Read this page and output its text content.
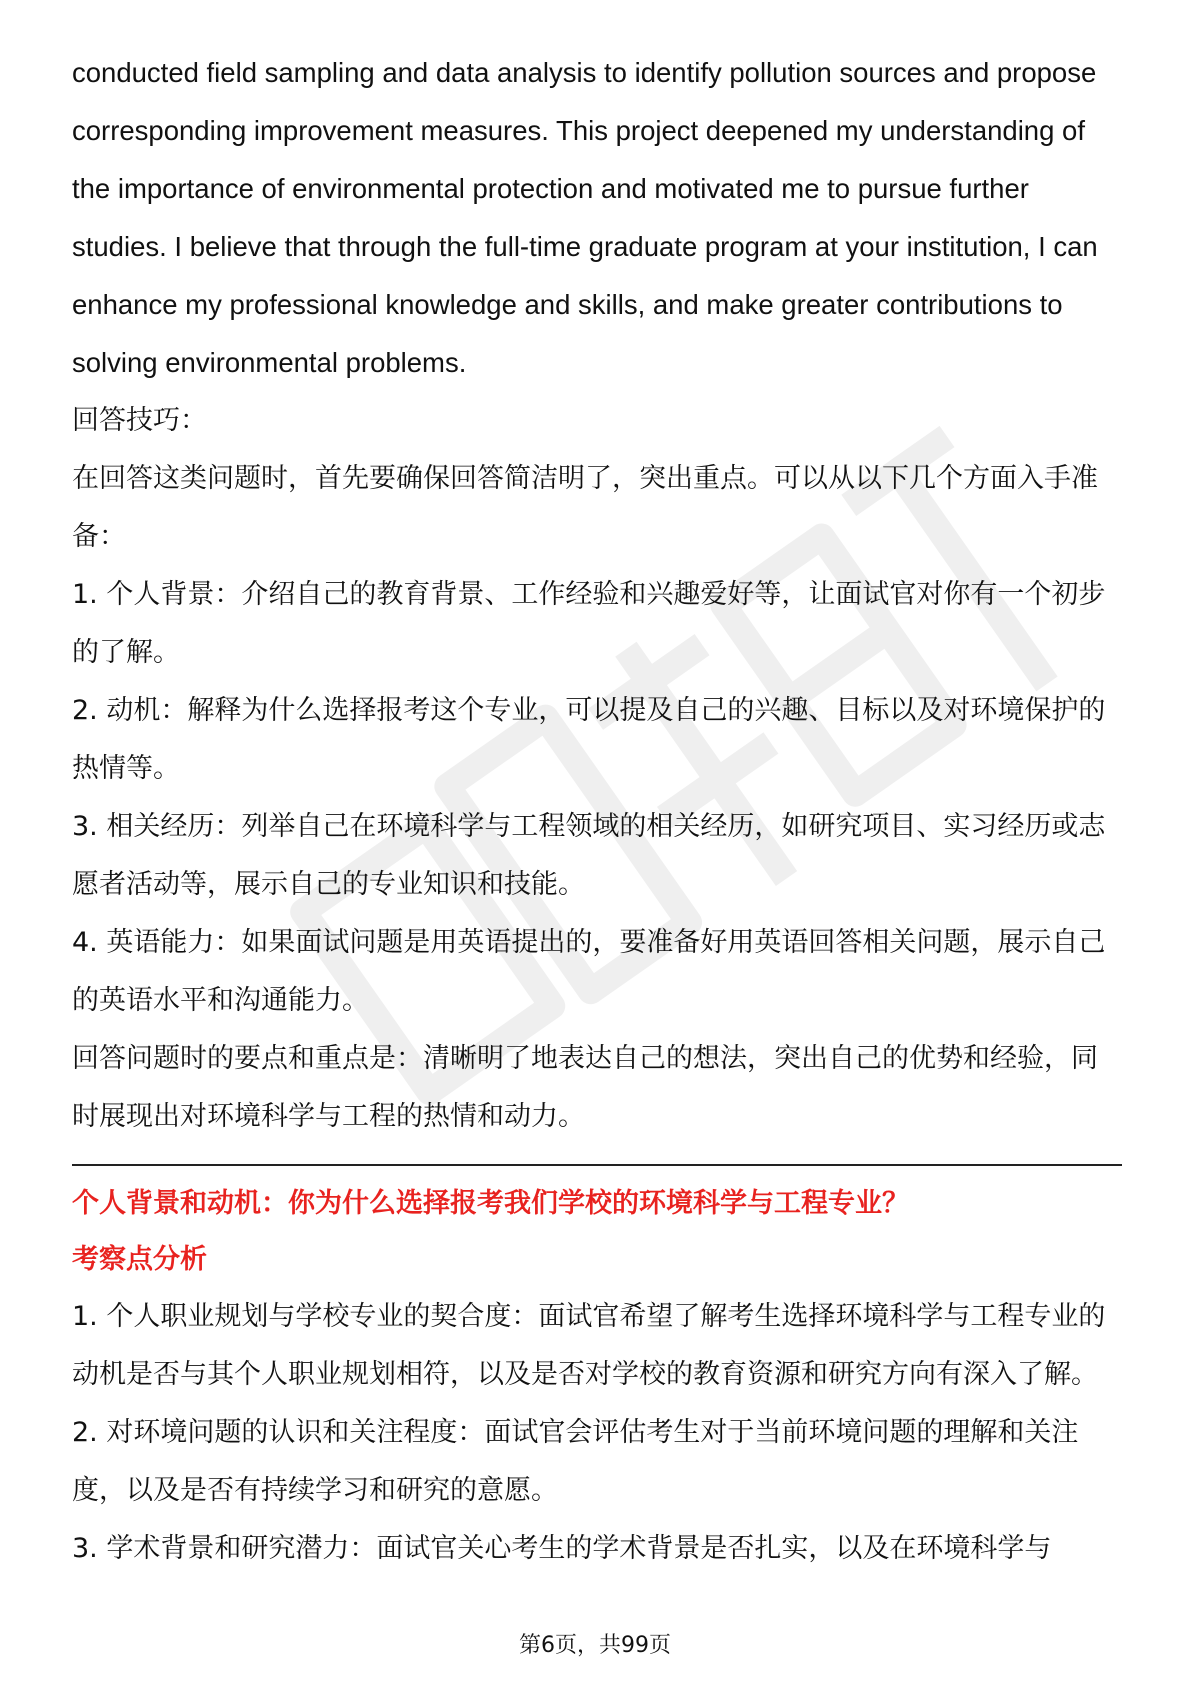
conducted field sampling and data analysis to identify pollution sources and propose corresponding improvement measures. This project deepened my understanding of the importance of environmental protection and motivated me to pursue further studies. I believe that through the full-time graduate program at your institution, I can enhance my professional knowledge and skills, and make greater contributions to solving environmental problems.

回答技巧：

在回答这类问题时，首先要确保回答简洁明了，突出重点。可以从以下几个方面入手准备：

1. 个人背景：介绍自己的教育背景、工作经验和兴趣爱好等，让面试官对你有一个初步的了解。

2. 动机：解释为什么选择报考这个专业，可以提及自己的兴趣、目标以及对环境保护的热情等。

3. 相关经历：列举自己在环境科学与工程领域的相关经历，如研究项目、实习经历或志愿者活动等，展示自己的专业知识和技能。

4. 英语能力：如果面试问题是用英语提出的，要准备好用英语回答相关问题，展示自己的英语水平和沟通能力。

回答问题时的要点和重点是：清晰明了地表达自己的想法，突出自己的优势和经验，同时展现出对环境科学与工程的热情和动力。

个人背景和动机：你为什么选择报考我们学校的环境科学与工程专业？

考察点分析

1. 个人职业规划与学校专业的契合度：面试官希望了解考生选择环境科学与工程专业的动机是否与其个人职业规划相符，以及是否对学校的教育资源和研究方向有深入了解。

2. 对环境问题的认识和关注程度：面试官会评估考生对于当前环境问题的理解和关注度，以及是否有持续学习和研究的意愿。

3. 学术背景和研究潜力：面试官关心考生的学术背景是否扎实，以及在环境科学与

第6页，共99页
